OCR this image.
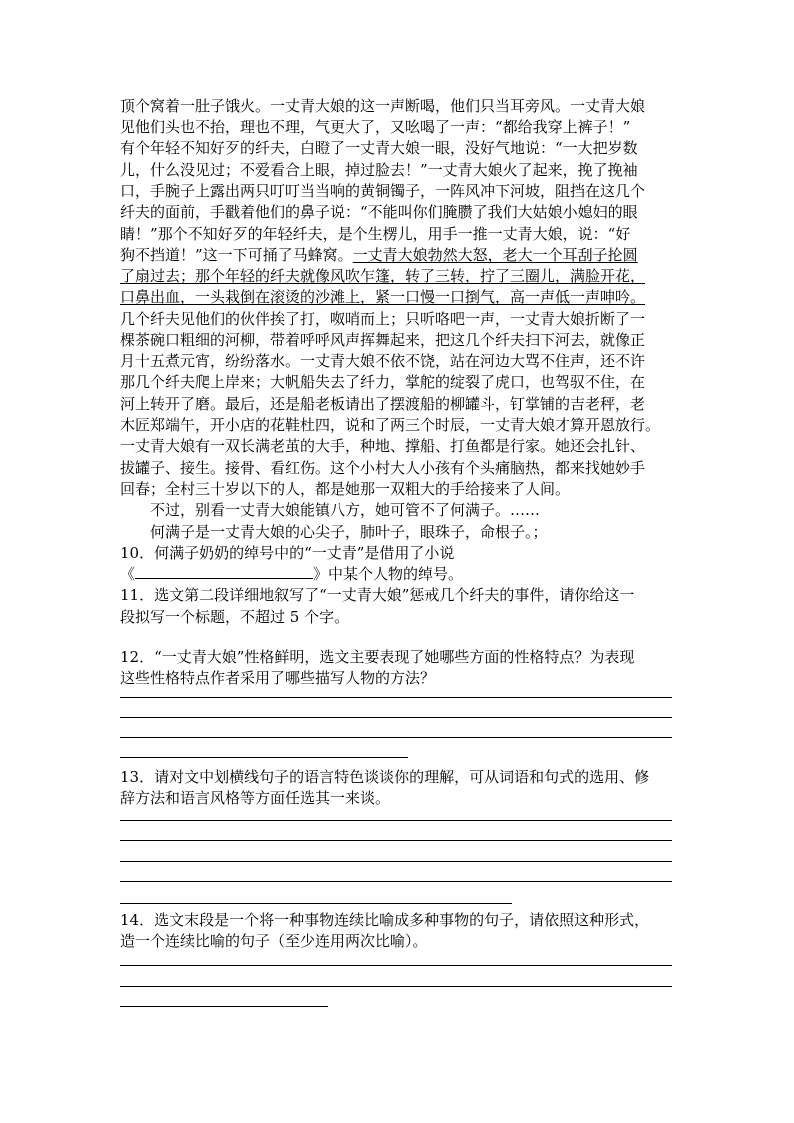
顶个窝着一肚子饿火。一丈青大娘的这一声断喝，他们只当耳旁风。一丈青大娘
见他们头也不抬，理也不理，气更大了，又吆喝了一声：“都给我穿上裤子！”
有个年轻不知好歹的纤夫，白瞪了一丈青大娘一眼，没好气地说：“一大把岁数
儿，什么没见过；不爱看合上眼，掉过脸去！”一丈青大娘火了起来，挽了挽袖
口，手腕子上露出两只叮叮当当响的黄铜镯子，一阵风冲下河坡，阻挡在这几个
纤夫的面前，手戳着他们的鼻子说：“不能叫你们腌臜了我们大姑娘小媳妇的眼
睛！”那个不知好歹的年轻纤夫，是个生楞儿，用手一推一丈青大娘，说：“好
狗不挡道！”这一下可捅了马蜂窝。一丈青大娘勃然大怒，老大一个耳刮子抡圆
了扇过去；那个年轻的纤夫就像风吹乍篷，转了三转，拧了三圈儿，满脸开花，
口鼻出血，一头栽倒在滚烫的沙滩上，紧一口慢一口捯气，高一声低一声呻吟。
几个纤夫见他们的伙伴挨了打，呶哨而上；只听咯吧一声，一丈青大娘折断了一
棵茶碗口粗细的河柳，带着呼呼风声挥舞起来，把这几个纤夫扫下河去，就像正
月十五煮元宵，纷纷落水。一丈青大娘不依不饶，站在河边大骂不住声，还不许
那几个纤夫爬上岸来；大帆船失去了纤力，掌舵的绽裂了虎口，也驾驭不住，在
河上转开了磨。最后，还是船老板请出了摆渡船的柳罐斗，钉掌铺的吉老秤，老
木匠郑端午，开小店的花鞋杜四，说和了两三个时辰，一丈青大娘才算开恩放行。
一丈青大娘有一双长满老茧的大手，种地、撑船、打鱼都是行家。她还会扎针、
拔罐子、接生。接骨、看红伤。这个小村大人小孩有个头痛脑热，都来找她妙手
回春；全村三十岁以下的人，都是她那一双粗大的手给接来了人间。
　　不过，别看一丈青大娘能镇八方，她可管不了何满子。……
　　何满子是一丈青大娘的心尖子，肺叶子，眼珠子，命根子。；
10．何满子奶奶的绰号中的“一丈青”是借用了小说
《	》中某个人物的绰号。
11．选文第二段详细地叙写了“一丈青大娘”惩戒几个纤夫的事件，请你给这一
段拟写一个标题，不超过 5 个字。
12．“一丈青大娘”性格鲜明，选文主要表现了她哪些方面的性格特点？为表现
这些性格特点作者采用了哪些描写人物的方法？
13．请对文中划横线句子的语言特色谈谈你的理解，可从词语和句式的选用、修
辞方法和语言风格等方面任选其一来谈。
14．选文末段是一个将一种事物连续比喻成多种事物的句子，请依照这种形式，
造一个连续比喻的句子（至少连用两次比喻）。
